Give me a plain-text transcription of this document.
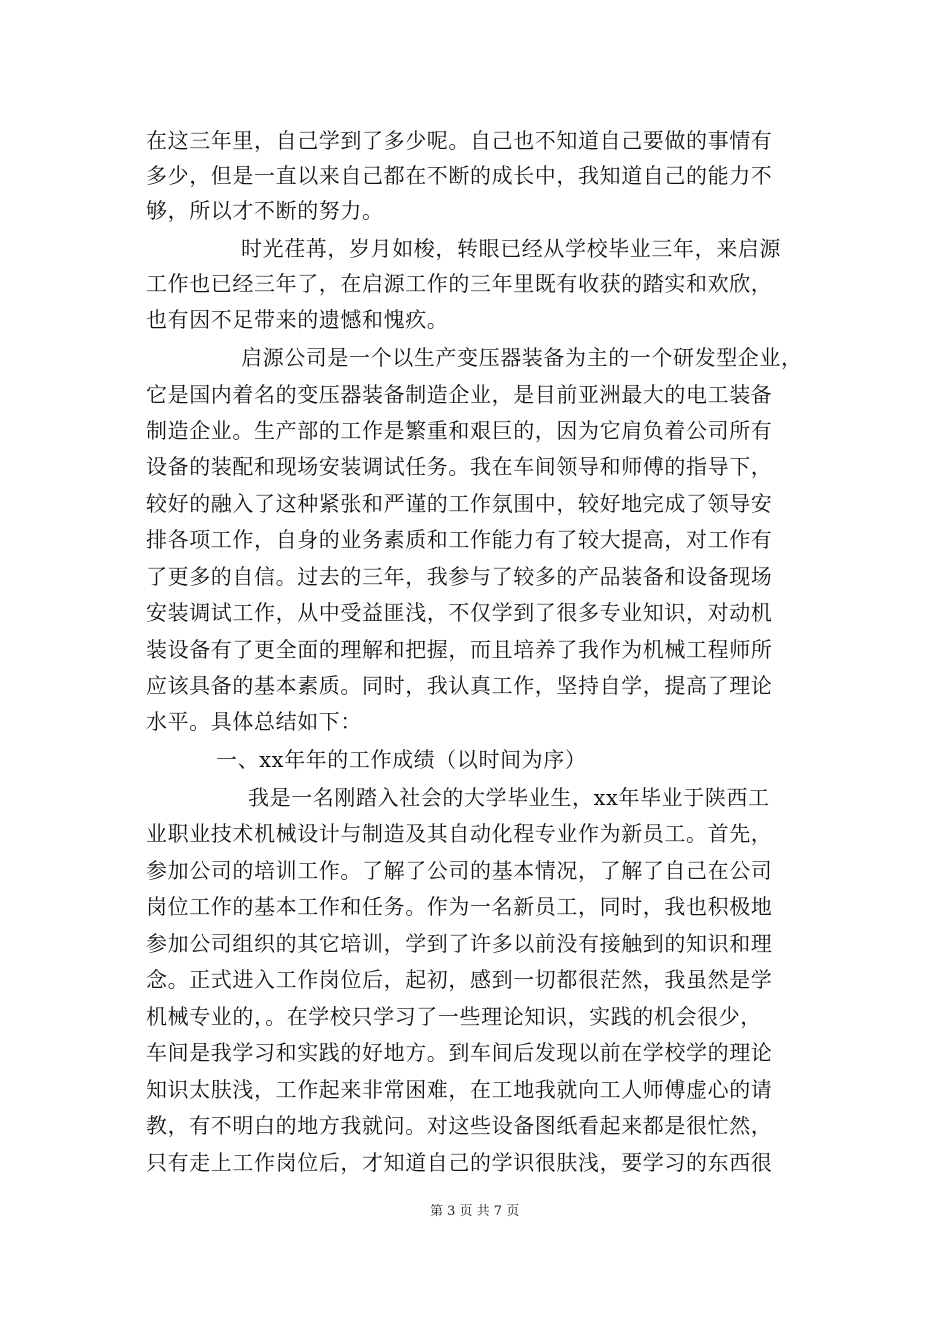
在这三年里，自己学到了多少呢。自己也不知道自己要做的事情有
多少，但是一直以来自己都在不断的成长中，我知道自己的能力不
够，所以才不断的努力。
时光荏苒，岁月如梭，转眼已经从学校毕业三年，来启源
工作也已经三年了，在启源工作的三年里既有收获的踏实和欢欣，
也有因不足带来的遗憾和愧疚。
启源公司是一个以生产变压器装备为主的一个研发型企业，
它是国内着名的变压器装备制造企业，是目前亚洲最大的电工装备
制造企业。生产部的工作是繁重和艰巨的，因为它肩负着公司所有
设备的装配和现场安装调试任务。我在车间领导和师傅的指导下，
较好的融入了这种紧张和严谨的工作氛围中，较好地完成了领导安
排各项工作，自身的业务素质和工作能力有了较大提高，对工作有
了更多的自信。过去的三年，我参与了较多的产品装备和设备现场
安装调试工作，从中受益匪浅，不仅学到了很多专业知识，对动机
装设备有了更全面的理解和把握，而且培养了我作为机械工程师所
应该具备的基本素质。同时，我认真工作，坚持自学，提高了理论
水平。具体总结如下：
一、xx年年的工作成绩（以时间为序）
我是一名刚踏入社会的大学毕业生，xx年毕业于陕西工
业职业技术机械设计与制造及其自动化程专业作为新员工。首先，
参加公司的培训工作。了解了公司的基本情况，了解了自己在公司
岗位工作的基本工作和任务。作为一名新员工，同时，我也积极地
参加公司组织的其它培训，学到了许多以前没有接触到的知识和理
念。正式进入工作岗位后，起初，感到一切都很茫然，我虽然是学
机械专业的，。在学校只学习了一些理论知识，实践的机会很少，
车间是我学习和实践的好地方。到车间后发现以前在学校学的理论
知识太肤浅，工作起来非常困难，在工地我就向工人师傅虚心的请
教，有不明白的地方我就问。对这些设备图纸看起来都是很忙然，
只有走上工作岗位后，才知道自己的学识很肤浅，要学习的东西很
第 3 页 共 7 页
